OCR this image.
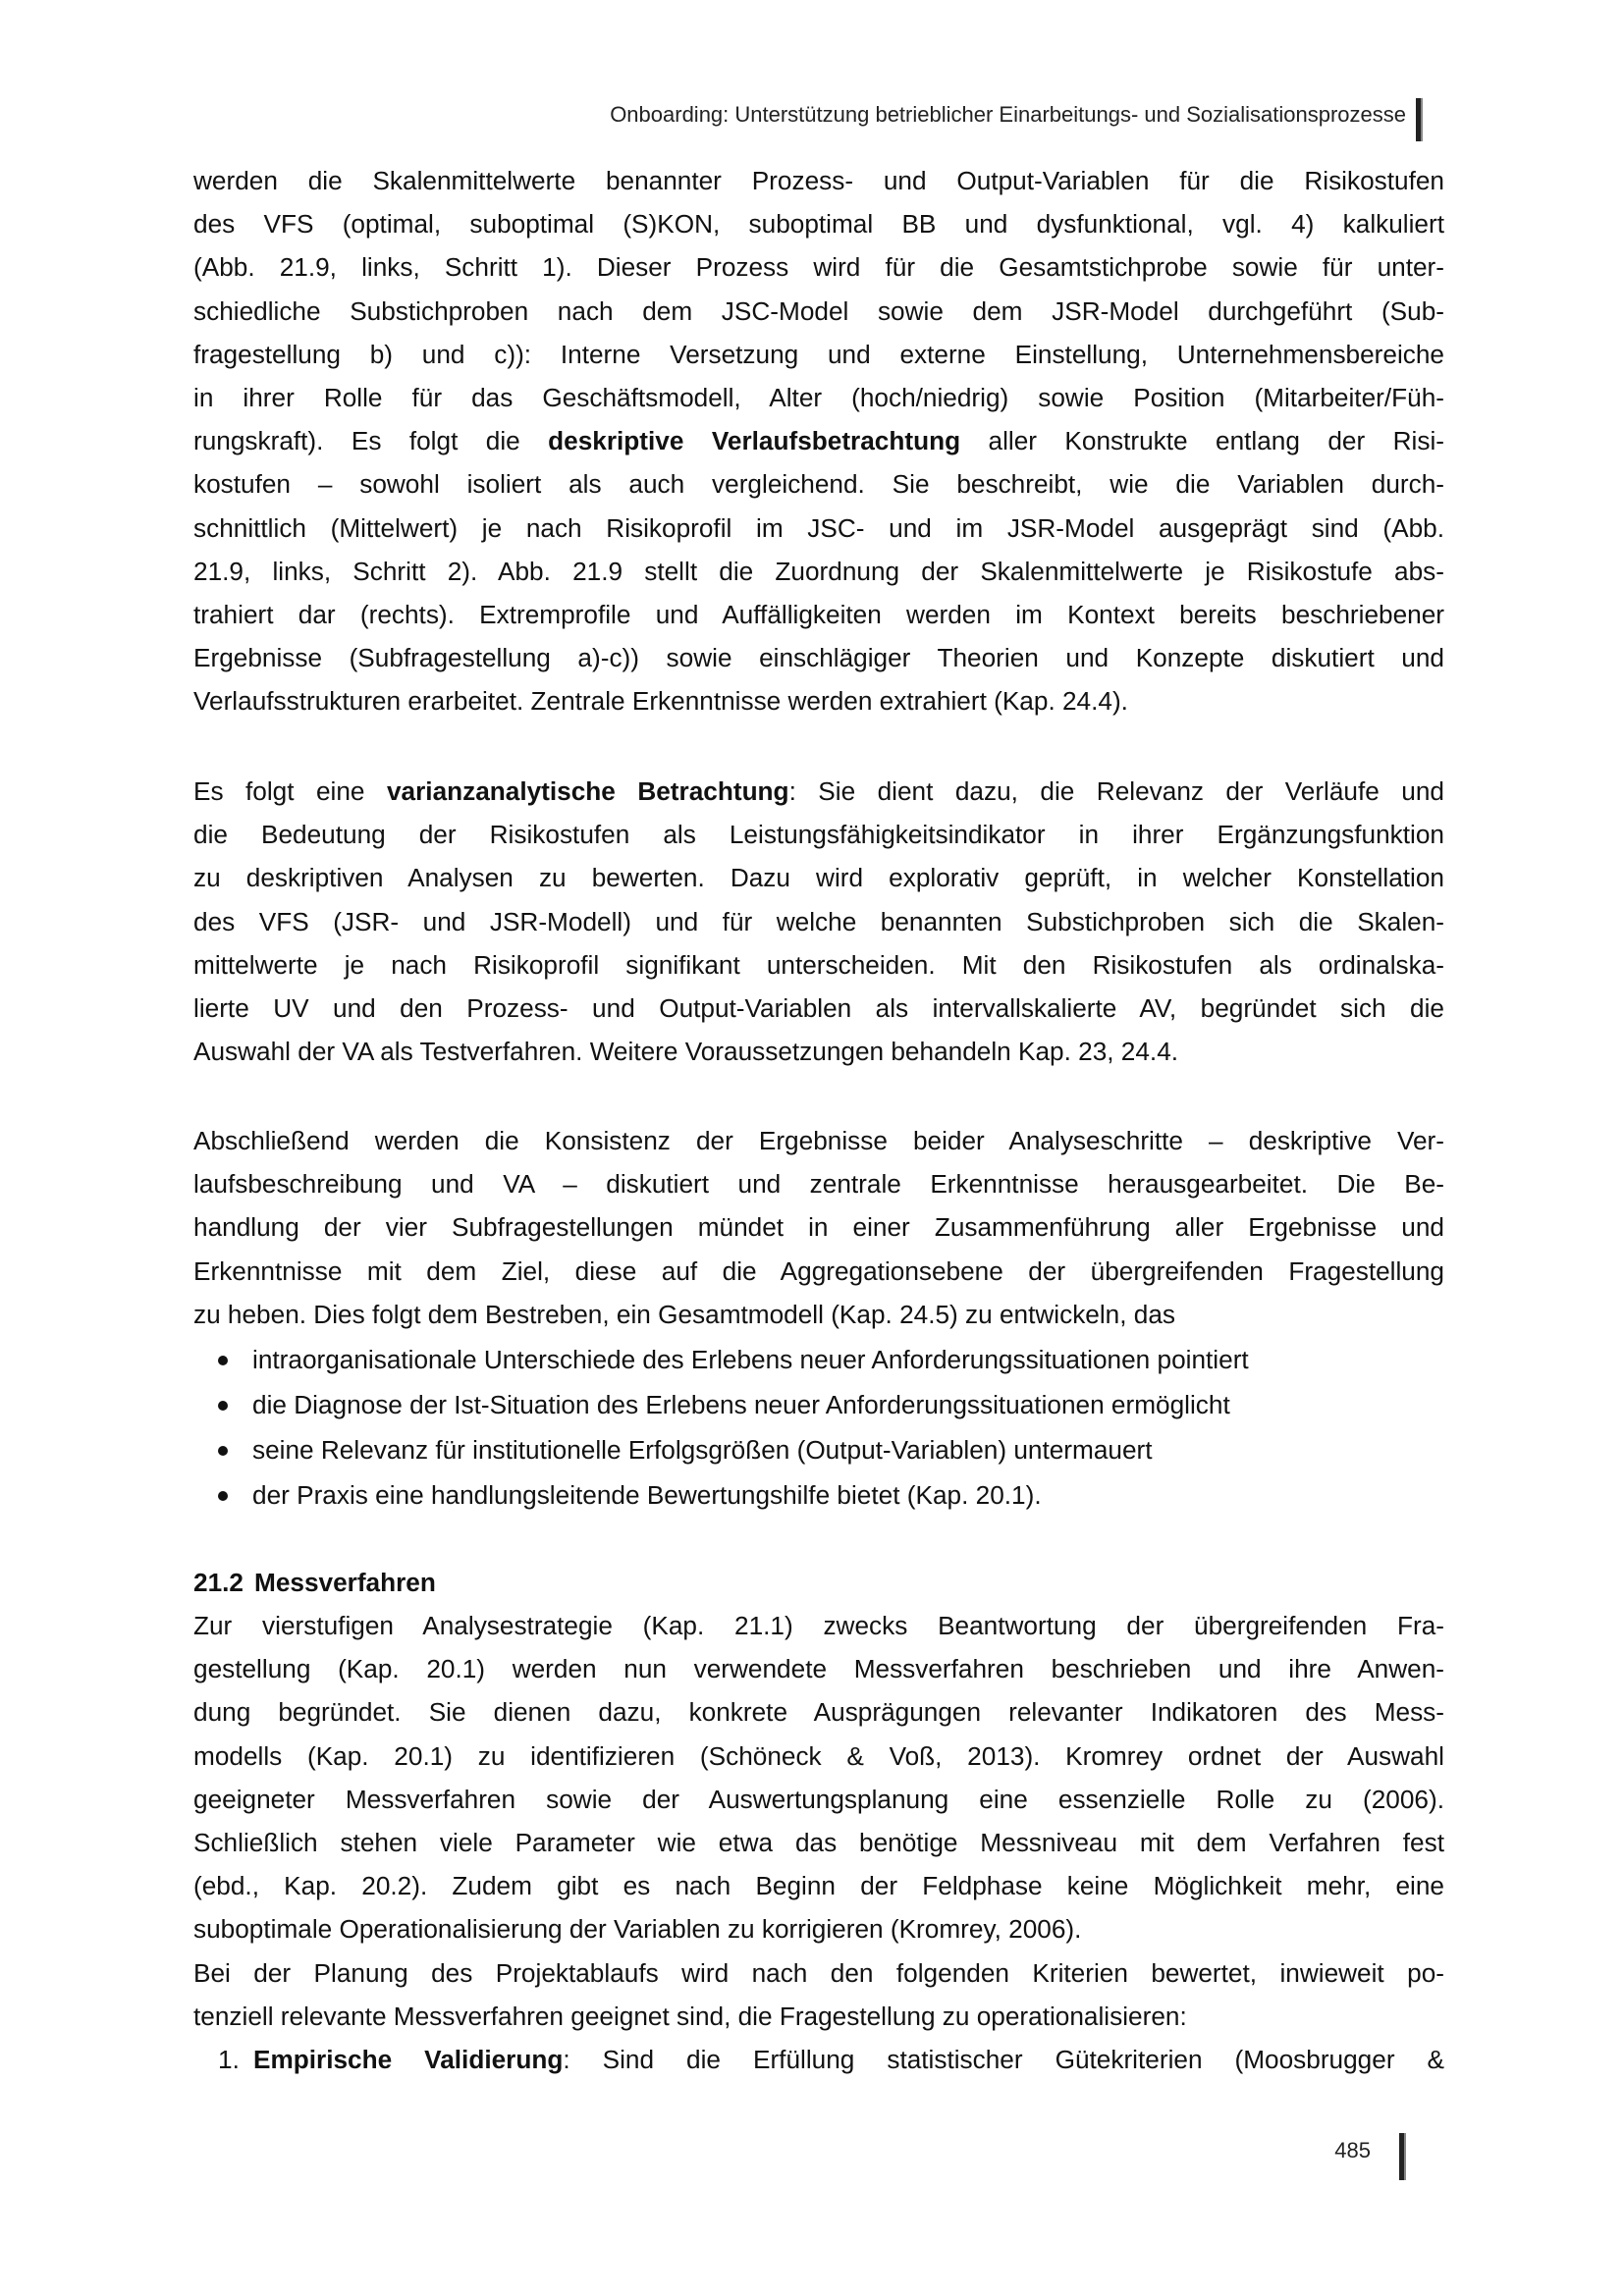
Onboarding: Unterstützung betrieblicher Einarbeitungs- und Sozialisationsprozesse
werden die Skalenmittelwerte benannter Prozess- und Output-Variablen für die Risikostufen
des VFS (optimal, suboptimal (S)KON, suboptimal BB und dysfunktional, vgl. 4) kalkuliert
(Abb. 21.9, links, Schritt 1). Dieser Prozess wird für die Gesamtstichprobe sowie für unter-
schiedliche Substichproben nach dem JSC-Model sowie dem JSR-Model durchgeführt (Sub-
fragestellung b) und c)): Interne Versetzung und externe Einstellung, Unternehmensbereiche
in ihrer Rolle für das Geschäftsmodell, Alter (hoch/niedrig) sowie Position (Mitarbeiter/Füh-
rungskraft). Es folgt die deskriptive Verlaufsbetrachtung aller Konstrukte entlang der Risi-
kostufen – sowohl isoliert als auch vergleichend. Sie beschreibt, wie die Variablen durch-
schnittlich (Mittelwert) je nach Risikoprofil im JSC- und im JSR-Model ausgeprägt sind (Abb.
21.9, links, Schritt 2). Abb. 21.9 stellt die Zuordnung der Skalenmittelwerte je Risikostufe abs-
trahiert dar (rechts). Extremprofile und Auffälligkeiten werden im Kontext bereits beschriebener
Ergebnisse (Subfragestellung a)-c)) sowie einschlägiger Theorien und Konzepte diskutiert und
Verlaufsstrukturen erarbeitet. Zentrale Erkenntnisse werden extrahiert (Kap. 24.4).
Es folgt eine varianzanalytische Betrachtung: Sie dient dazu, die Relevanz der Verläufe und
die Bedeutung der Risikostufen als Leistungsfähigkeitsindikator in ihrer Ergänzungsfunktion
zu deskriptiven Analysen zu bewerten. Dazu wird explorativ geprüft, in welcher Konstellation
des VFS (JSR- und JSR-Modell) und für welche benannten Substichproben sich die Skalen-
mittelwerte je nach Risikoprofil signifikant unterscheiden. Mit den Risikostufen als ordinalska-
lierte UV und den Prozess- und Output-Variablen als intervallskalierte AV, begründet sich die
Auswahl der VA als Testverfahren. Weitere Voraussetzungen behandeln Kap. 23, 24.4.
Abschließend werden die Konsistenz der Ergebnisse beider Analyseschritte – deskriptive Ver-
laufsbeschreibung und VA – diskutiert und zentrale Erkenntnisse herausgearbeitet. Die Be-
handlung der vier Subfragestellungen mündet in einer Zusammenführung aller Ergebnisse und
Erkenntnisse mit dem Ziel, diese auf die Aggregationsebene der übergreifenden Fragestellung
zu heben. Dies folgt dem Bestreben, ein Gesamtmodell (Kap. 24.5) zu entwickeln, das
intraorganisationale Unterschiede des Erlebens neuer Anforderungssituationen pointiert
die Diagnose der Ist-Situation des Erlebens neuer Anforderungssituationen ermöglicht
seine Relevanz für institutionelle Erfolgsgrößen (Output-Variablen) untermauert
der Praxis eine handlungsleitende Bewertungshilfe bietet (Kap. 20.1).
21.2 Messverfahren
Zur vierstufigen Analysestrategie (Kap. 21.1) zwecks Beantwortung der übergreifenden Fra-
gestellung (Kap. 20.1) werden nun verwendete Messverfahren beschrieben und ihre Anwen-
dung begründet. Sie dienen dazu, konkrete Ausprägungen relevanter Indikatoren des Mess-
modells (Kap. 20.1) zu identifizieren (Schöneck & Voß, 2013). Kromrey ordnet der Auswahl
geeigneter Messverfahren sowie der Auswertungsplanung eine essenzielle Rolle zu (2006).
Schließlich stehen viele Parameter wie etwa das benötige Messniveau mit dem Verfahren fest
(ebd., Kap. 20.2). Zudem gibt es nach Beginn der Feldphase keine Möglichkeit mehr, eine
suboptimale Operationalisierung der Variablen zu korrigieren (Kromrey, 2006).
Bei der Planung des Projektablaufs wird nach den folgenden Kriterien bewertet, inwieweit po-
tenziell relevante Messverfahren geeignet sind, die Fragestellung zu operationalisieren:
1. Empirische Validierung: Sind die Erfüllung statistischer Gütekriterien (Moosbrugger &
485
